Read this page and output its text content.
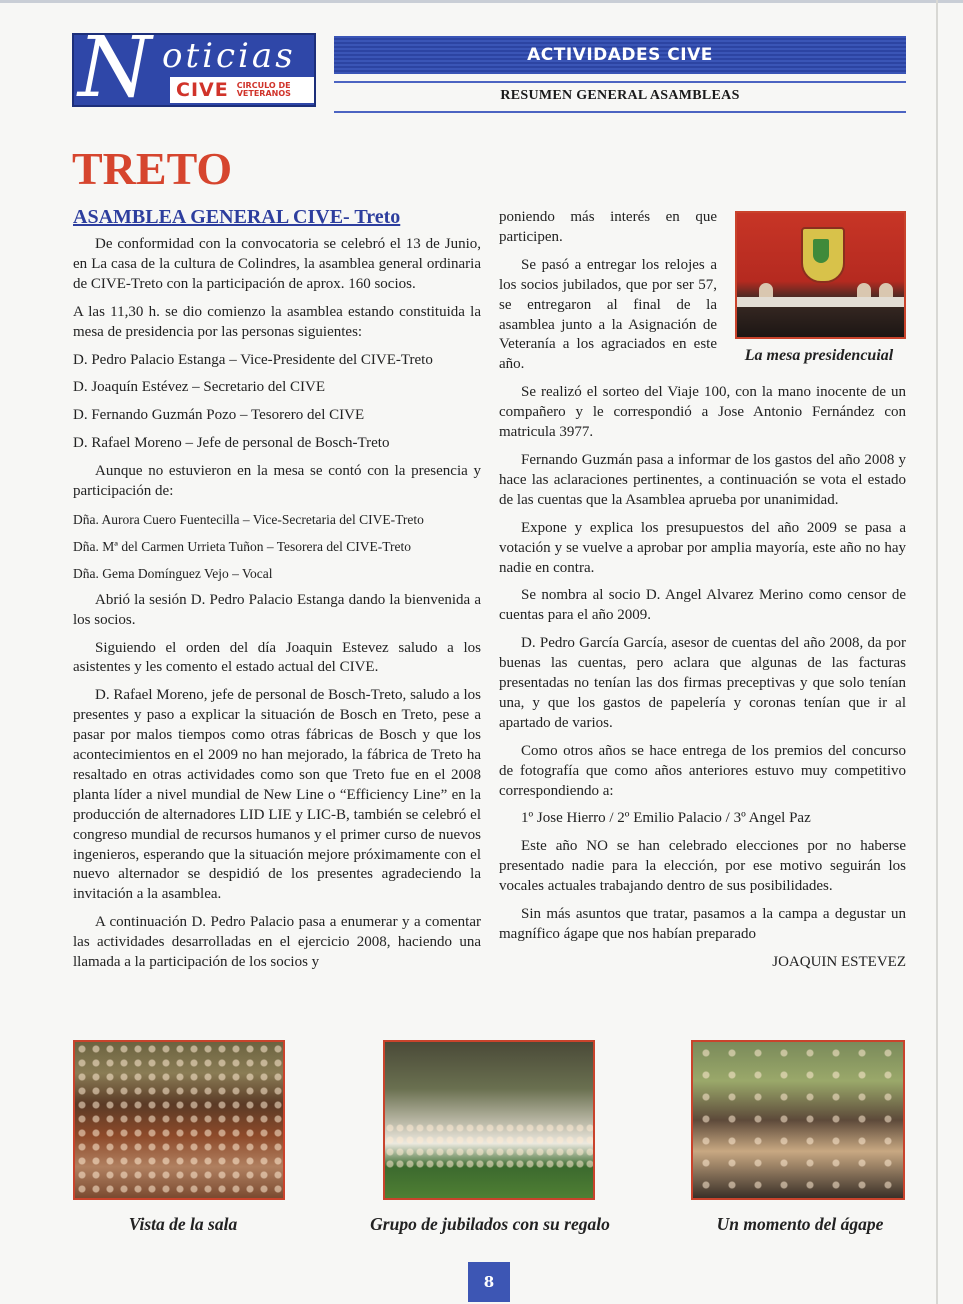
N oticias
CIVE CIRCULO DE
VETERANOS
ACTIVIDADES CIVE
RESUMEN GENERAL ASAMBLEAS
TRETO

ASAMBLEA GENERAL CIVE- Treto

De conformidad con la convocatoria se celebró el 13 de Junio, en La casa de la cultura de Colindres, la asamblea general ordinaria de CIVE-Treto con la participación de aprox. 160 socios.

A las 11,30 h. se dio comienzo la asamblea estando constituida la mesa de presidencia por las personas siguientes:

D. Pedro Palacio Estanga – Vice-Presidente del CIVE-Treto

D. Joaquín Estévez – Secretario del CIVE

D. Fernando Guzmán Pozo – Tesorero del CIVE

D. Rafael Moreno – Jefe de personal de Bosch-Treto

Aunque no estuvieron en la mesa se contó con la presencia y participación de:

Dña. Aurora Cuero Fuentecilla – Vice-Secretaria del CIVE-Treto

Dña. Mª del Carmen Urrieta Tuñon – Tesorera del CIVE-Treto

Dña. Gema Domínguez Vejo – Vocal

Abrió la sesión D. Pedro Palacio Estanga dando la bienvenida a los socios.

Siguiendo el orden del día Joaquin Estevez saludo a los asistentes y les comento el estado actual del CIVE.

D. Rafael Moreno, jefe de personal de Bosch-Treto, saludo a los presentes y paso a explicar la situación de Bosch en Treto, pese a pasar por malos tiempos como otras fábricas de Bosch y que los acontecimientos en el 2009 no han mejorado, la fábrica de Treto ha resaltado en otras actividades como son que Treto fue en el 2008 planta líder a nivel mundial de New Line o “Efficiency Line” en la producción de alternadores LID LIE y LIC-B, también se celebró el congreso mundial de recursos humanos y el primer curso de nuevos ingenieros, esperando que la situación mejore próximamente con el nuevo alternador se despidió de los presentes agradeciendo la invitación a la asamblea.

A continuación D. Pedro Palacio pasa a enumerar y a comentar las actividades desarrolladas en el ejercicio 2008, haciendo una llamada a la participación de los socios y

poniendo más interés en que participen.

Se pasó a entregar los relojes a los socios jubilados, que por ser 57, se entregaron al final de la asamblea junto a la Asignación de Veteranía a los agraciados en este año.

Se realizó el sorteo del Viaje 100, con la mano inocente de un compañero y le correspondió a Jose Antonio Fernández con matricula 3977.

Fernando Guzmán pasa a informar de los gastos del año 2008 y hace las aclaraciones pertinentes, a continuación se vota el estado de las cuentas que la Asamblea aprueba por unanimidad.

Expone y explica los presupuestos del año 2009 se pasa a votación y se vuelve a aprobar por amplia mayoría, este año no hay nadie en contra.

Se nombra al socio D. Angel Alvarez Merino como censor de cuentas para el año 2009.

D. Pedro García García, asesor de cuentas del año 2008, da por buenas las cuentas, pero aclara que algunas de las facturas presentadas no tenían las dos firmas preceptivas y que solo tenían una, y que los gastos de papelería y coronas tenían que ir al apartado de varios.

Como otros años se hace entrega de los premios del concurso de fotografía que como años anteriores estuvo muy competitivo correspondiendo a:

1º Jose Hierro / 2º Emilio Palacio / 3º Angel Paz

Este año NO se han celebrado elecciones por no haberse presentado nadie para la elección, por ese motivo seguirán los vocales actuales trabajando dentro de sus posibilidades.

Sin más asuntos que tratar, pasamos a la campa a degustar un magnífico ágape que nos habían preparado

JOAQUIN ESTEVEZ

La mesa presidencuial
Vista de la sala	Grupo de jubilados con su regalo	Un momento del ágape
8
